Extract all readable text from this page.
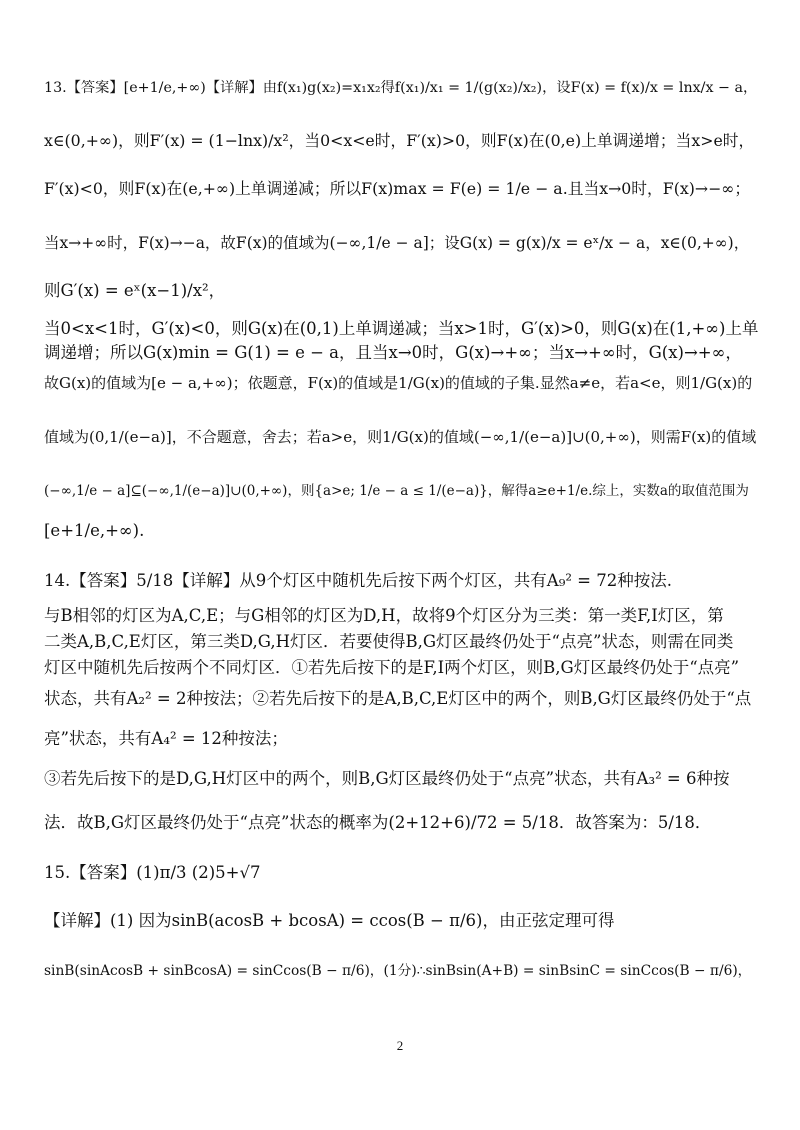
13.【答案】[e+1/e,+∞)【详解】由f(x₁)g(x₂)=x₁x₂得f(x₁)/x₁ = 1/(g(x₂)/x₂)，设F(x) = f(x)/x = lnx/x − a，
x∈(0,+∞)，则F′(x) = (1−lnx)/x²，当0<x<e时，F′(x)>0，则F(x)在(0,e)上单调递增；当x>e时，
F′(x)<0，则F(x)在(e,+∞)上单调递减；所以F(x)max = F(e) = 1/e − a.且当x→0时，F(x)→−∞；
当x→+∞时，F(x)→−a，故F(x)的值域为(−∞,1/e − a]；设G(x) = g(x)/x = eˣ/x − a，x∈(0,+∞)，
则G′(x) = eˣ(x−1)/x²，
当0<x<1时，G′(x)<0，则G(x)在(0,1)上单调递减；当x>1时，G′(x)>0，则G(x)在(1,+∞)上单
调递增；所以G(x)min = G(1) = e − a，且当x→0时，G(x)→+∞；当x→+∞时，G(x)→+∞，
故G(x)的值域为[e − a,+∞)；依题意，F(x)的值域是1/G(x)的值域的子集.显然a≠e，若a<e，则1/G(x)的
值域为(0,1/(e−a)]，不合题意，舍去；若a>e，则1/G(x)的值域(−∞,1/(e−a)]∪(0,+∞)，则需F(x)的值域
(−∞,1/e − a]⊆(−∞,1/(e−a)]∪(0,+∞)，则{a>e; 1/e − a ≤ 1/(e−a)}，解得a≥e+1/e.综上，实数a的取值范围为
[e+1/e,+∞).
14.【答案】5/18【详解】从9个灯区中随机先后按下两个灯区，共有A₉² = 72种按法.
与B相邻的灯区为A,C,E；与G相邻的灯区为D,H，故将9个灯区分为三类：第一类F,I灯区，第
二类A,B,C,E灯区，第三类D,G,H灯区．若要使得B,G灯区最终仍处于“点亮”状态，则需在同类
灯区中随机先后按两个不同灯区．①若先后按下的是F,I两个灯区，则B,G灯区最终仍处于“点亮”
状态，共有A₂² = 2种按法；②若先后按下的是A,B,C,E灯区中的两个，则B,G灯区最终仍处于“点
亮”状态，共有A₄² = 12种按法；
③若先后按下的是D,G,H灯区中的两个，则B,G灯区最终仍处于“点亮”状态，共有A₃² = 6种按
法．故B,G灯区最终仍处于“点亮”状态的概率为(2+12+6)/72 = 5/18．故答案为：5/18．
15.【答案】(1)π/3 (2)5+√7
【详解】(1) 因为sinB(acosB + bcosA) = ccos(B − π/6)，由正弦定理可得
sinB(sinAcosB + sinBcosA) = sinCcos(B − π/6)，(1分)∴sinBsin(A+B) = sinBsinC = sinCcos(B − π/6)，
2
